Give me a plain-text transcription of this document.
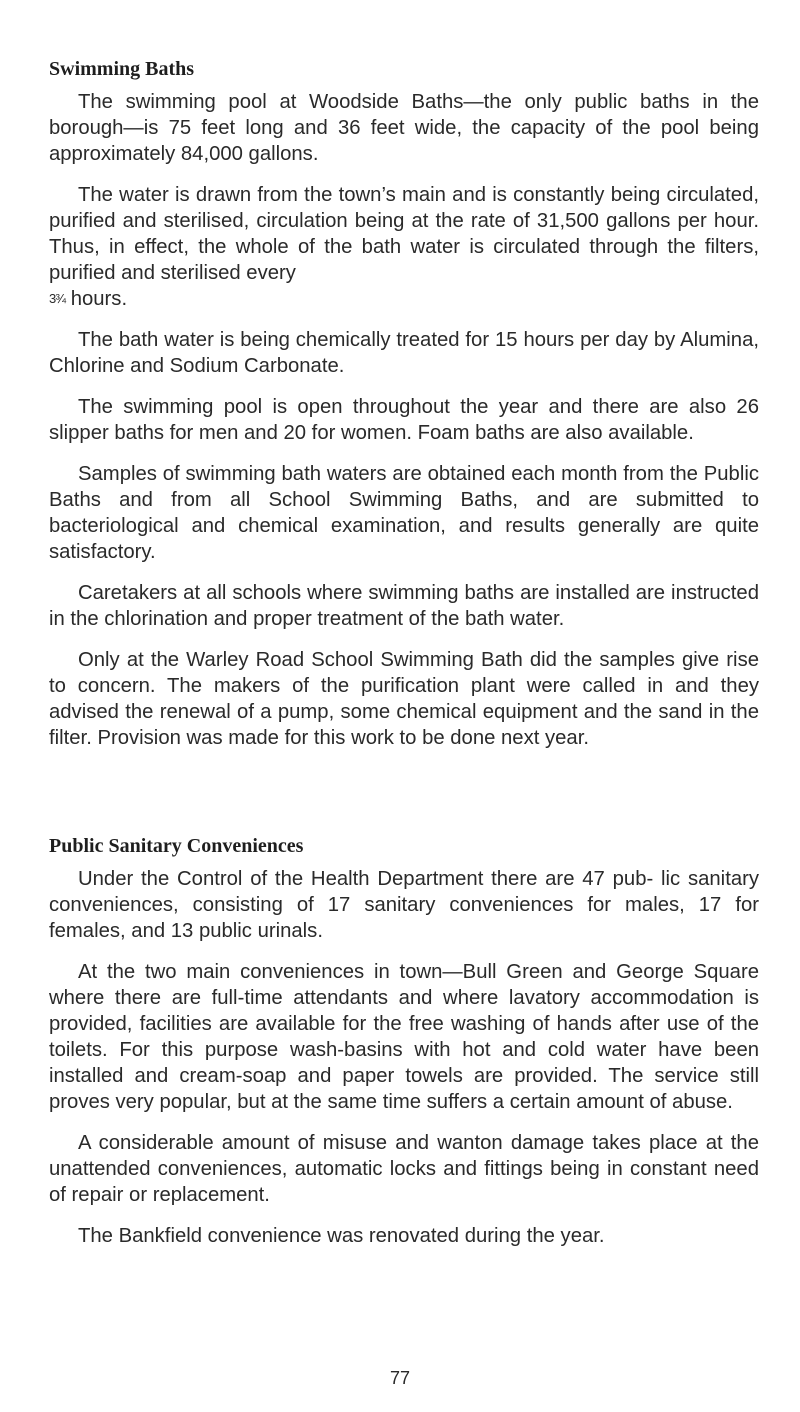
Swimming Baths

The swimming pool at Woodside Baths—the only public baths in the borough—is 75 feet long and 36 feet wide, the capacity of the pool being approximately 84,000 gallons.

The water is drawn from the town’s main and is constantly being circulated, purified and sterilised, circulation being at the rate of 31,500 gallons per hour. Thus, in effect, the whole of the bath water is circulated through the filters, purified and sterilised every
3¾ hours.

The bath water is being chemically treated for 15 hours per day by Alumina, Chlorine and Sodium Carbonate.

The swimming pool is open throughout the year and there are also 26 slipper baths for men and 20 for women. Foam baths are also available.

Samples of swimming bath waters are obtained each month from the Public Baths and from all School Swimming Baths, and are submitted to bacteriological and chemical examination, and results generally are quite satisfactory.

Caretakers at all schools where swimming baths are installed are instructed in the chlorination and proper treatment of the bath water.

Only at the Warley Road School Swimming Bath did the samples give rise to concern. The makers of the purification plant were called in and they advised the renewal of a pump, some chemical equipment and the sand in the filter. Provision was made for this work to be done next year.

Public Sanitary Conveniences

Under the Control of the Health Department there are 47 pub- lic sanitary conveniences, consisting of 17 sanitary conveniences for males, 17 for females, and 13 public urinals.

At the two main conveniences in town—Bull Green and George Square where there are full-time attendants and where lavatory accommodation is provided, facilities are available for the free washing of hands after use of the toilets. For this purpose wash-basins with hot and cold water have been installed and cream-soap and paper towels are provided. The service still proves very popular, but at the same time suffers a certain amount of abuse.

A considerable amount of misuse and wanton damage takes place at the unattended conveniences, automatic locks and fittings being in constant need of repair or replacement.

The Bankfield convenience was renovated during the year.

77
